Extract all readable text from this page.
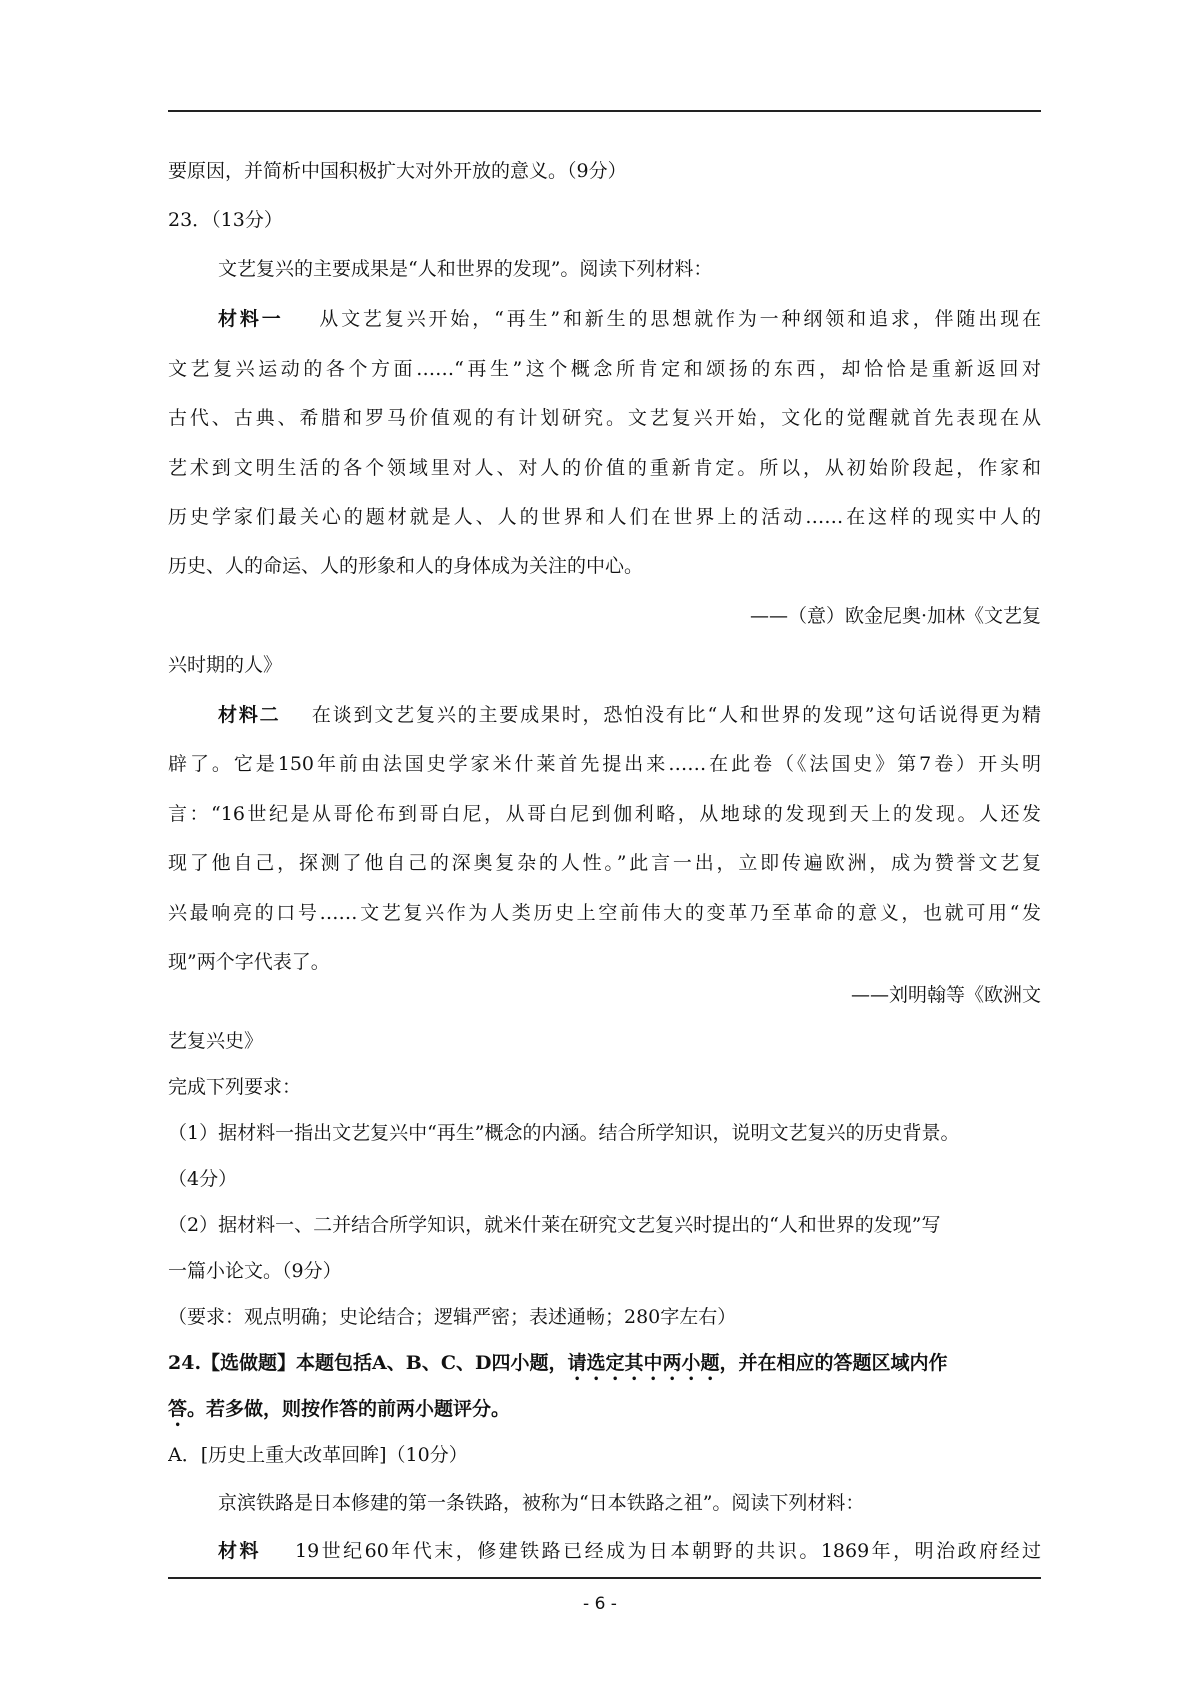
要原因，并简析中国积极扩大对外开放的意义。（9分）
23．（13分）
文艺复兴的主要成果是“人和世界的发现”。阅读下列材料：
材料一 从文艺复兴开始，“再生”和新生的思想就作为一种纲领和追求，伴随出现在
文艺复兴运动的各个方面……“再生”这个概念所肯定和颂扬的东西，却恰恰是重新返回对
古代、古典、希腊和罗马价值观的有计划研究。文艺复兴开始，文化的觉醒就首先表现在从
艺术到文明生活的各个领域里对人、对人的价值的重新肯定。所以，从初始阶段起，作家和
历史学家们最关心的题材就是人、人的世界和人们在世界上的活动……在这样的现实中人的
历史、人的命运、人的形象和人的身体成为关注的中心。
——（意）欧金尼奥·加林《文艺复
兴时期的人》
材料二 在谈到文艺复兴的主要成果时，恐怕没有比“人和世界的发现”这句话说得更为精
辟了。它是150年前由法国史学家米什莱首先提出来……在此卷（《法国史》第7卷）开头明
言：“16世纪是从哥伦布到哥白尼，从哥白尼到伽利略，从地球的发现到天上的发现。人还发
现了他自己，探测了他自己的深奥复杂的人性。”此言一出，立即传遍欧洲，成为赞誉文艺复
兴最响亮的口号……文艺复兴作为人类历史上空前伟大的变革乃至革命的意义，也就可用“发
现”两个字代表了。
——刘明翰等《欧洲文
艺复兴史》
完成下列要求：
（1）据材料一指出文艺复兴中“再生”概念的内涵。结合所学知识，说明文艺复兴的历史背景。
（4分）
（2）据材料一、二并结合所学知识，就米什莱在研究文艺复兴时提出的“人和世界的发现”写
一篇小论文。（9分）
（要求：观点明确；史论结合；逻辑严密；表述通畅；280字左右）
24.【选做题】本题包括A、B、C、D四小题，请选定其中两小题，并在相应的答题区域内作
答。若多做，则按作答的前两小题评分。
A．[历史上重大改革回眸]（10分）
京滨铁路是日本修建的第一条铁路，被称为“日本铁路之祖”。阅读下列材料：
- 6 -
材料 19世纪60年代末，修建铁路已经成为日本朝野的共识。1869年，明治政府经过
